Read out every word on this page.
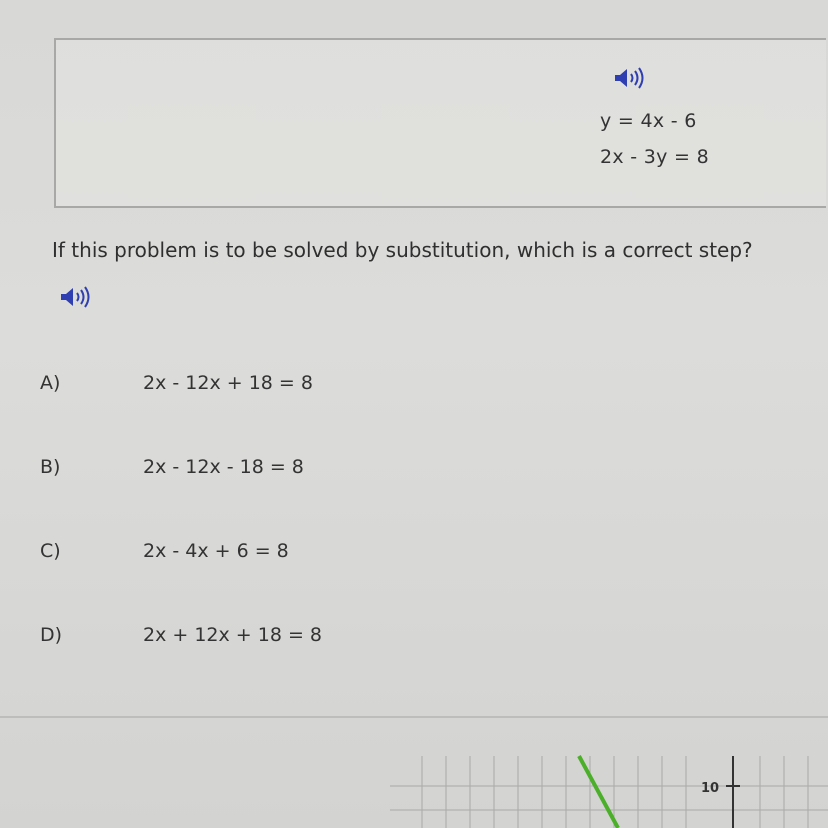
y = 4x - 6
2x - 3y = 8
If this problem is to be solved by substitution, which is a correct step?
A)	2x - 12x + 18 = 8
B)	2x - 12x - 18 = 8
C)	2x - 4x + 6 = 8
D)	2x + 12x + 18 = 8
10
